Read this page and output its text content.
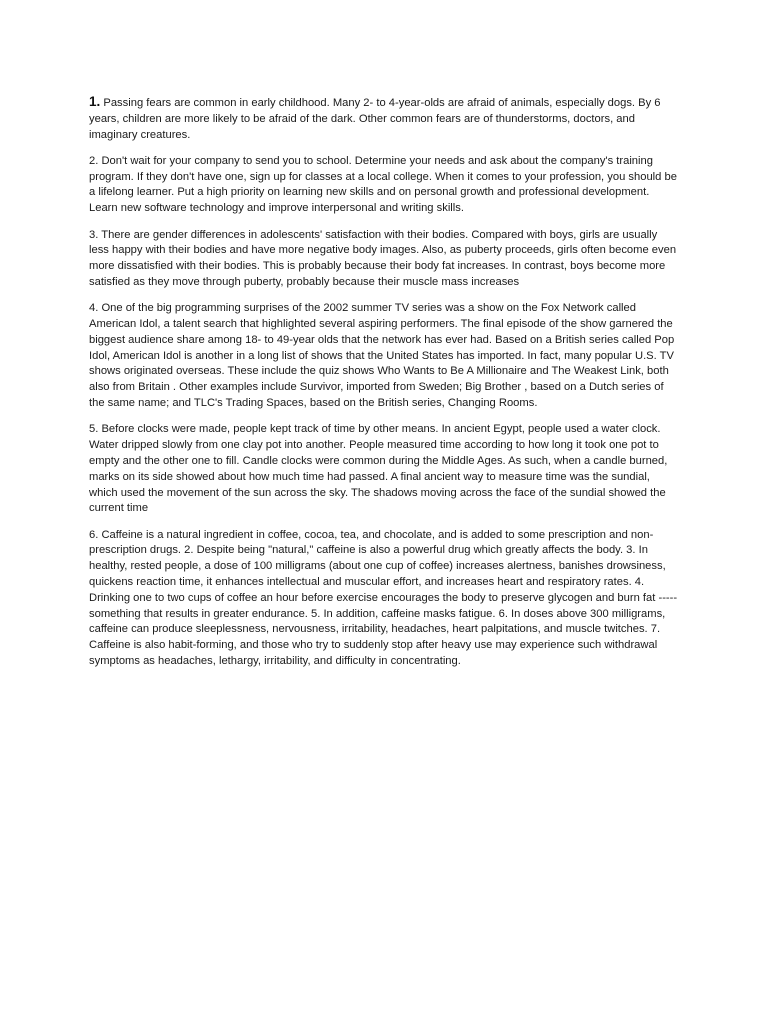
1. Passing fears are common in early childhood. Many 2- to 4-year-olds are afraid of animals, especially dogs. By 6 years, children are more likely to be afraid of the dark. Other common fears are of thunderstorms, doctors, and imaginary creatures.

2. Don't wait for your company to send you to school. Determine your needs and ask about the company's training program. If they don't have one, sign up for classes at a local college. When it comes to your profession, you should be a lifelong learner. Put a high priority on learning new skills and on personal growth and professional development. Learn new software technology and improve interpersonal and writing skills.

3. There are gender differences in adolescents' satisfaction with their bodies. Compared with boys, girls are usually less happy with their bodies and have more negative body images. Also, as puberty proceeds, girls often become even more dissatisfied with their bodies. This is probably because their body fat increases. In contrast, boys become more satisfied as they move through puberty, probably because their muscle mass increases

4. One of the big programming surprises of the 2002 summer TV series was a show on the Fox Network called American Idol, a talent search that highlighted several aspiring performers. The final episode of the show garnered the biggest audience share among 18- to 49-year olds that the network has ever had. Based on a British series called Pop Idol, American Idol is another in a long list of shows that the United States has imported. In fact, many popular U.S. TV shows originated overseas. These include the quiz shows Who Wants to Be A Millionaire and The Weakest Link, both also from Britain . Other examples include Survivor, imported from Sweden; Big Brother , based on a Dutch series of the same name; and TLC's Trading Spaces, based on the British series, Changing Rooms.

5. Before clocks were made, people kept track of time by other means. In ancient Egypt, people used a water clock. Water dripped slowly from one clay pot into another. People measured time according to how long it took one pot to empty and the other one to fill. Candle clocks were common during the Middle Ages. As such, when a candle burned, marks on its side showed about how much time had passed. A final ancient way to measure time was the sundial, which used the movement of the sun across the sky. The shadows moving across the face of the sundial showed the current time

6. Caffeine is a natural ingredient in coffee, cocoa, tea, and chocolate, and is added to some prescription and non-prescription drugs. 2. Despite being "natural," caffeine is also a powerful drug which greatly affects the body. 3. In healthy, rested people, a dose of 100 milligrams (about one cup of coffee) increases alertness, banishes drowsiness, quickens reaction time, it enhances intellectual and muscular effort, and increases heart and respiratory rates. 4. Drinking one to two cups of coffee an hour before exercise encourages the body to preserve glycogen and burn fat -----something that results in greater endurance. 5. In addition, caffeine masks fatigue. 6. In doses above 300 milligrams, caffeine can produce sleeplessness, nervousness, irritability, headaches, heart palpitations, and muscle twitches. 7. Caffeine is also habit-forming, and those who try to suddenly stop after heavy use may experience such withdrawal symptoms as headaches, lethargy, irritability, and difficulty in concentrating.
